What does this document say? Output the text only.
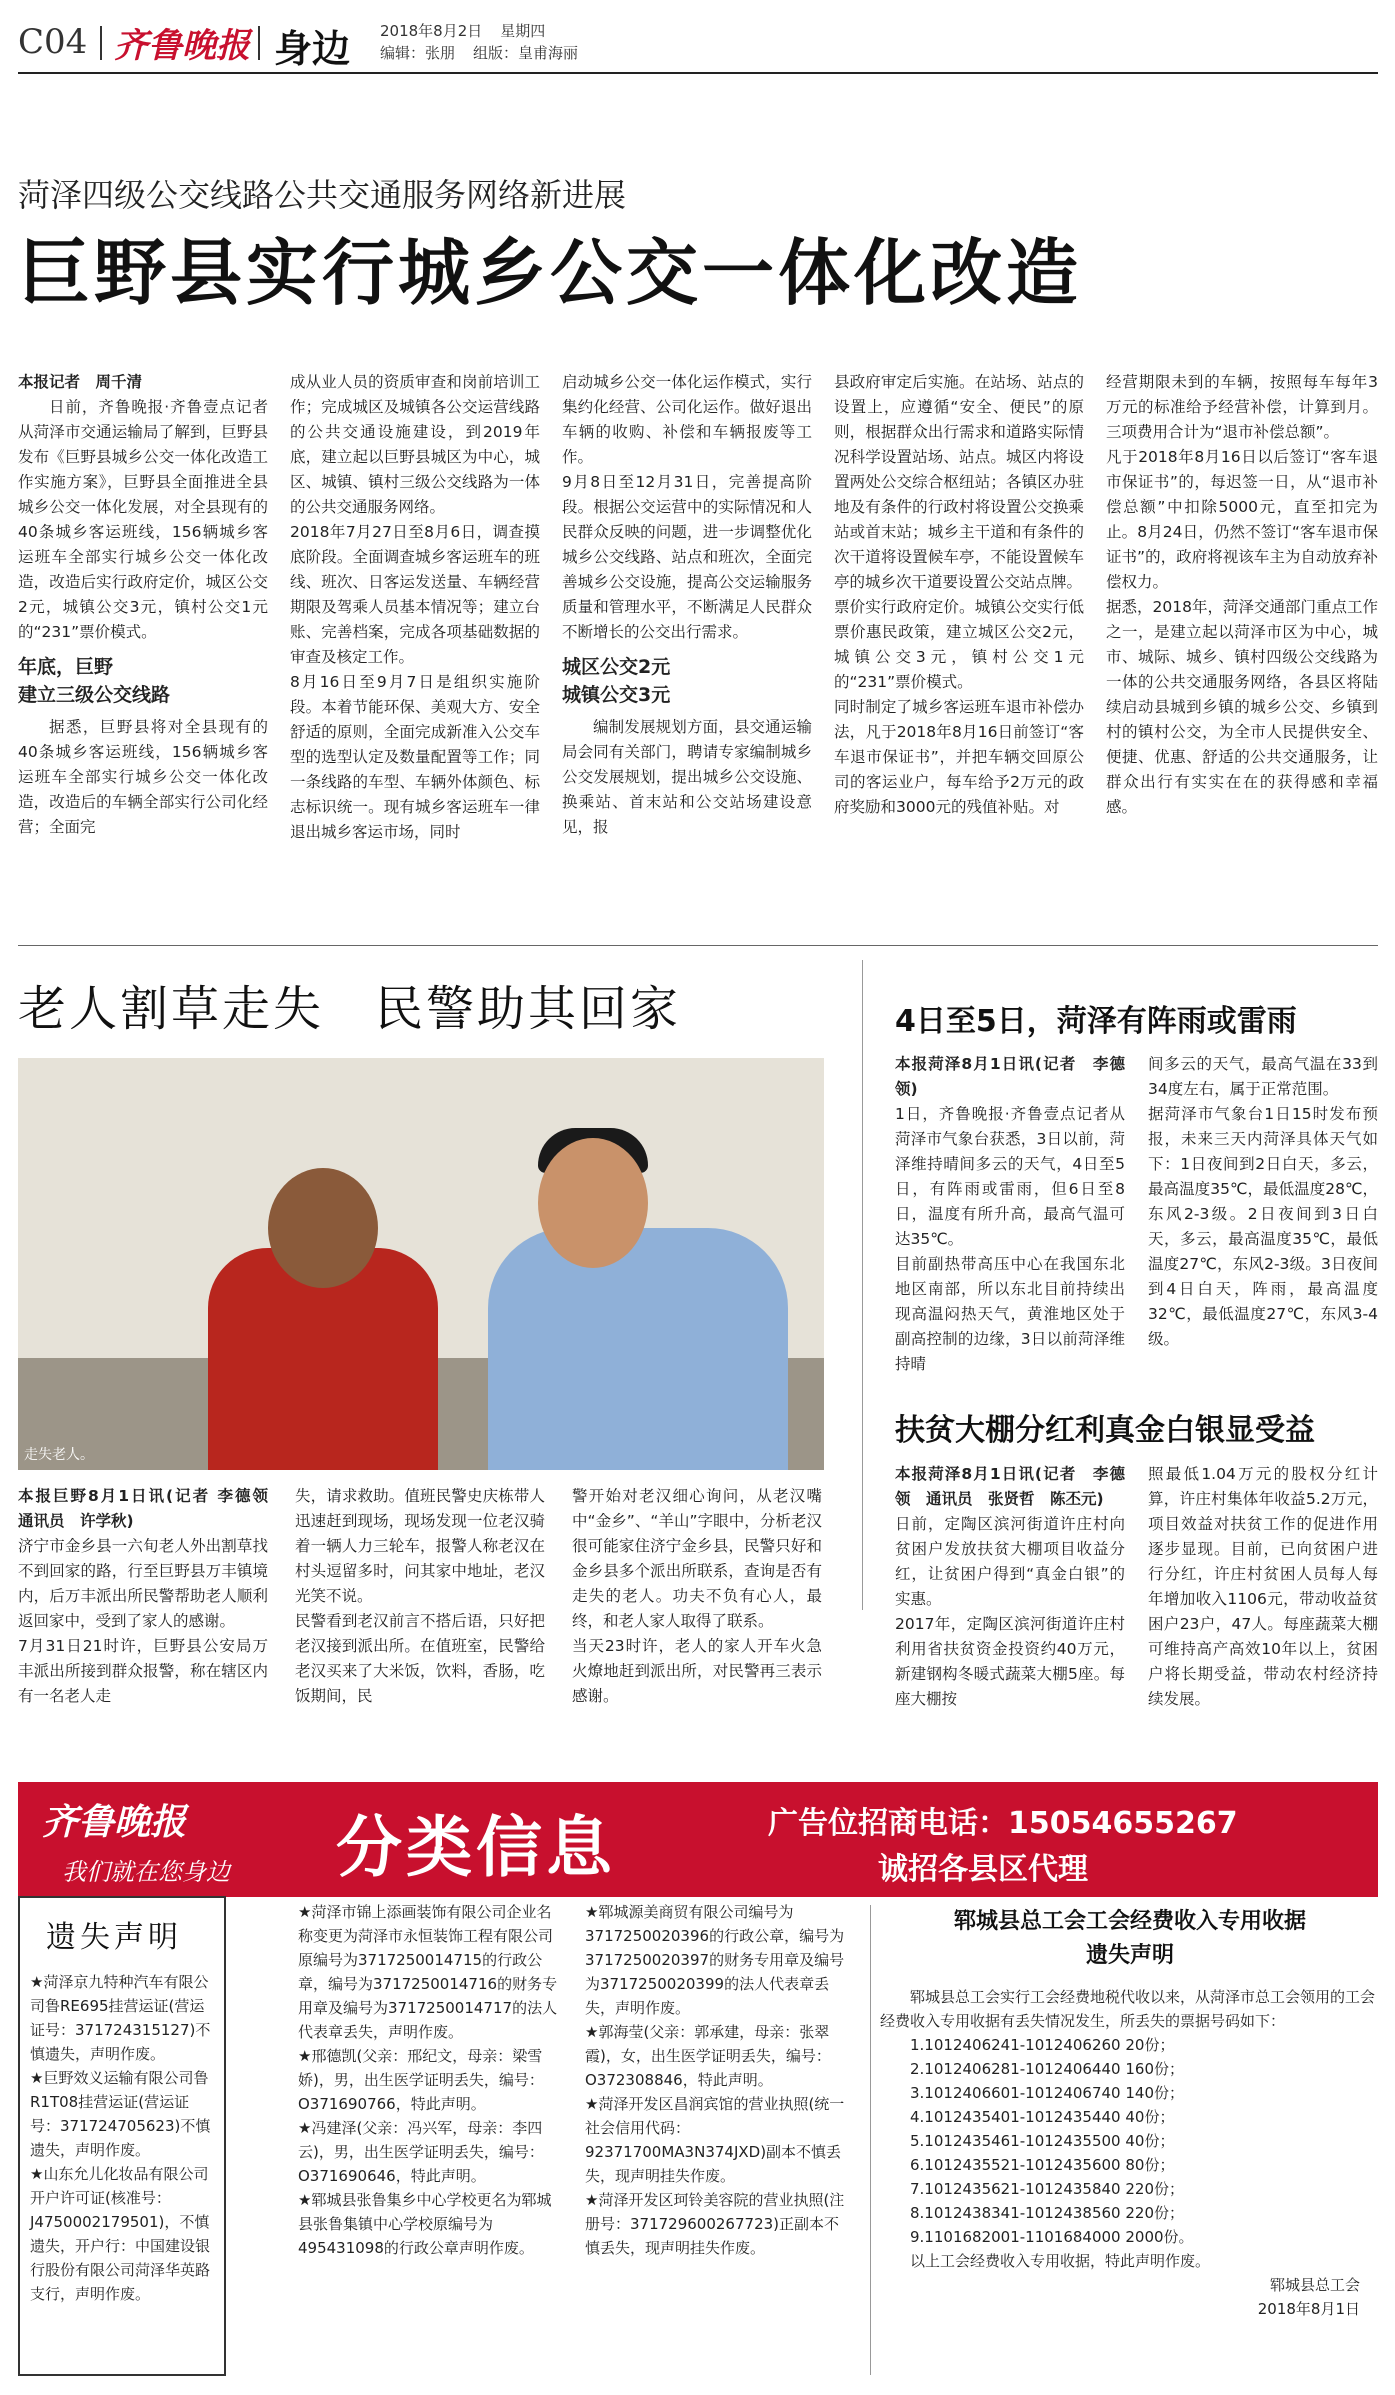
C04 齐鲁晚报 身边 2018年8月2日 星期四
编辑：张朋 组版：皇甫海丽
菏泽四级公交线路公共交通服务网络新进展
巨野县实行城乡公交一体化改造

本报记者　周千清

日前，齐鲁晚报·齐鲁壹点记者从菏泽市交通运输局了解到，巨野县发布《巨野县城乡公交一体化改造工作实施方案》，巨野县全面推进全县城乡公交一体化发展，对全县现有的40条城乡客运班线，156辆城乡客运班车全部实行城乡公交一体化改造，改造后实行政府定价，城区公交2元，城镇公交3元，镇村公交1元的“231”票价模式。

年底，巨野
建立三级公交线路

据悉，巨野县将对全县现有的40条城乡客运班线，156辆城乡客运班车全部实行城乡公交一体化改造，改造后的车辆全部实行公司化经营；全面完

成从业人员的资质审查和岗前培训工作；完成城区及城镇各公交运营线路的公共交通设施建设，到2019年底，建立起以巨野县城区为中心，城区、城镇、镇村三级公交线路为一体的公共交通服务网络。
2018年7月27日至8月6日，调查摸底阶段。全面调查城乡客运班车的班线、班次、日客运发送量、车辆经营期限及驾乘人员基本情况等；建立台账、完善档案，完成各项基础数据的审查及核定工作。
8月16日至9月7日是组织实施阶段。本着节能环保、美观大方、安全舒适的原则，全面完成新准入公交车型的选型认定及数量配置等工作；同一条线路的车型、车辆外体颜色、标志标识统一。现有城乡客运班车一律退出城乡客运市场，同时
启动城乡公交一体化运作模式，实行集约化经营、公司化运作。做好退出车辆的收购、补偿和车辆报废等工作。
9月8日至12月31日，完善提高阶段。根据公交运营中的实际情况和人民群众反映的问题，进一步调整优化城乡公交线路、站点和班次，全面完善城乡公交设施，提高公交运输服务质量和管理水平，不断满足人民群众不断增长的公交出行需求。
城区公交2元
城镇公交3元

编制发展规划方面，县交通运输局会同有关部门，聘请专家编制城乡公交发展规划，提出城乡公交设施、换乘站、首末站和公交站场建设意见，报

县政府审定后实施。在站场、站点的设置上，应遵循“安全、便民”的原则，根据群众出行需求和道路实际情况科学设置站场、站点。城区内将设置两处公交综合枢纽站；各镇区办驻地及有条件的行政村将设置公交换乘站或首末站；城乡主干道和有条件的次干道将设置候车亭，不能设置候车亭的城乡次干道要设置公交站点牌。
票价实行政府定价。城镇公交实行低票价惠民政策，建立城区公交2元，城镇公交3元，镇村公交1元的“231”票价模式。
同时制定了城乡客运班车退市补偿办法，凡于2018年8月16日前签订“客车退市保证书”，并把车辆交回原公司的客运业户，每车给予2万元的政府奖励和3000元的残值补贴。对
经营期限未到的车辆，按照每车每年3万元的标准给予经营补偿，计算到月。三项费用合计为“退市补偿总额”。
凡于2018年8月16日以后签订“客车退市保证书”的，每迟签一日，从“退市补偿总额”中扣除5000元，直至扣完为止。8月24日，仍然不签订“客车退市保证书”的，政府将视该车主为自动放弃补偿权力。
据悉，2018年，菏泽交通部门重点工作之一，是建立起以菏泽市区为中心，城市、城际、城乡、镇村四级公交线路为一体的公共交通服务网络，各县区将陆续启动县城到乡镇的城乡公交、乡镇到村的镇村公交，为全市人民提供安全、便捷、优惠、舒适的公共交通服务，让群众出行有实实在在的获得感和幸福感。
老人割草走失　民警助其回家
走失老人。

本报巨野8月1日讯(记者 李德领　通讯员　许学秋)

济宁市金乡县一六旬老人外出割草找不到回家的路，行至巨野县万丰镇境内，后万丰派出所民警帮助老人顺利返回家中，受到了家人的感谢。
7月31日21时许，巨野县公安局万丰派出所接到群众报警，称在辖区内有一名老人走
失，请求救助。值班民警史庆栋带人迅速赶到现场，现场发现一位老汉骑着一辆人力三轮车，报警人称老汉在村头逗留多时，问其家中地址，老汉光笑不说。
民警看到老汉前言不搭后语，只好把老汉接到派出所。在值班室，民警给老汉买来了大米饭，饮料，香肠，吃饭期间，民
警开始对老汉细心询问，从老汉嘴中“金乡”、“羊山”字眼中，分析老汉很可能家住济宁金乡县，民警只好和金乡县多个派出所联系，查询是否有走失的老人。功夫不负有心人，最终，和老人家人取得了联系。
当天23时许，老人的家人开车火急火燎地赶到派出所，对民警再三表示感谢。
4日至5日，菏泽有阵雨或雷雨

本报菏泽8月1日讯(记者　李德领)

1日，齐鲁晚报·齐鲁壹点记者从菏泽市气象台获悉，3日以前，菏泽维持晴间多云的天气，4日至5日，有阵雨或雷雨，但6日至8日，温度有所升高，最高气温可达35℃。
目前副热带高压中心在我国东北地区南部，所以东北目前持续出现高温闷热天气，黄淮地区处于副高控制的边缘，3日以前菏泽维持晴
间多云的天气，最高气温在33到34度左右，属于正常范围。
据菏泽市气象台1日15时发布预报，未来三天内菏泽具体天气如下：1日夜间到2日白天，多云，最高温度35℃，最低温度28℃，东风2-3级。2日夜间到3日白天，多云，最高温度35℃，最低温度27℃，东风2-3级。3日夜间到4日白天，阵雨，最高温度32℃，最低温度27℃，东风3-4级。
扶贫大棚分红利真金白银显受益

本报菏泽8月1日讯(记者　李德领　通讯员　张贤哲　陈丕元)

日前，定陶区滨河街道许庄村向贫困户发放扶贫大棚项目收益分红，让贫困户得到“真金白银”的实惠。
2017年，定陶区滨河街道许庄村利用省扶贫资金投资约40万元，新建钢构冬暖式蔬菜大棚5座。每座大棚按
照最低1.04万元的股权分红计算，许庄村集体年收益5.2万元，项目效益对扶贫工作的促进作用逐步显现。目前，已向贫困户进行分红，许庄村贫困人员每人每年增加收入1106元，带动收益贫困户23户，47人。每座蔬菜大棚可维持高产高效10年以上，贫困户将长期受益，带动农村经济持续发展。
齐鲁晚报
我们就在您身边 分类信息	广告位招商电话：15054655267
诚招各县区代理
遗失声明
★菏泽京九特种汽车有限公司鲁RE695挂营运证(营运证号：371724315127)不慎遗失，声明作废。
★巨野效义运输有限公司鲁R1T08挂营运证(营运证号：371724705623)不慎遗失，声明作废。
★山东允儿化妆品有限公司开户许可证(核准号：J4750002179501)，不慎遗失，开户行：中国建设银行股份有限公司菏泽华英路支行，声明作废。
★菏泽市锦上添画装饰有限公司企业名称变更为菏泽市永恒装饰工程有限公司原编号为3717250014715的行政公章，编号为3717250014716的财务专用章及编号为3717250014717的法人代表章丢失，声明作废。
★邢德凯(父亲：邢纪文，母亲：梁雪娇)，男，出生医学证明丢失，编号：O371690766，特此声明。
★冯建泽(父亲：冯兴军，母亲：李四云)，男，出生医学证明丢失，编号：O371690646，特此声明。
★郓城县张鲁集乡中心学校更名为郓城县张鲁集镇中心学校原编号为495431098的行政公章声明作废。
★郓城源美商贸有限公司编号为3717250020396的行政公章，编号为3717250020397的财务专用章及编号为3717250020399的法人代表章丢失，声明作废。
★郭海莹(父亲：郭承建，母亲：张翠霞)，女，出生医学证明丢失，编号：O372308846，特此声明。
★菏泽开发区昌润宾馆的营业执照(统一社会信用代码：92371700MA3N374JXD)副本不慎丢失，现声明挂失作废。
★菏泽开发区珂铃美容院的营业执照(注册号：371729600267723)正副本不慎丢失，现声明挂失作废。
郓城县总工会工会经费收入专用收据
遗失声明
郓城县总工会实行工会经费地税代收以来，从菏泽市总工会领用的工会经费收入专用收据有丢失情况发生，所丢失的票据号码如下：
1.1012406241-1012406260 20份；
2.1012406281-1012406440 160份；
3.1012406601-1012406740 140份；
4.1012435401-1012435440 40份；
5.1012435461-1012435500 40份；
6.1012435521-1012435600 80份；
7.1012435621-1012435840 220份；
8.1012438341-1012438560 220份；
9.1101682001-1101684000 2000份。
以上工会经费收入专用收据，特此声明作废。
郓城县总工会
2018年8月1日
